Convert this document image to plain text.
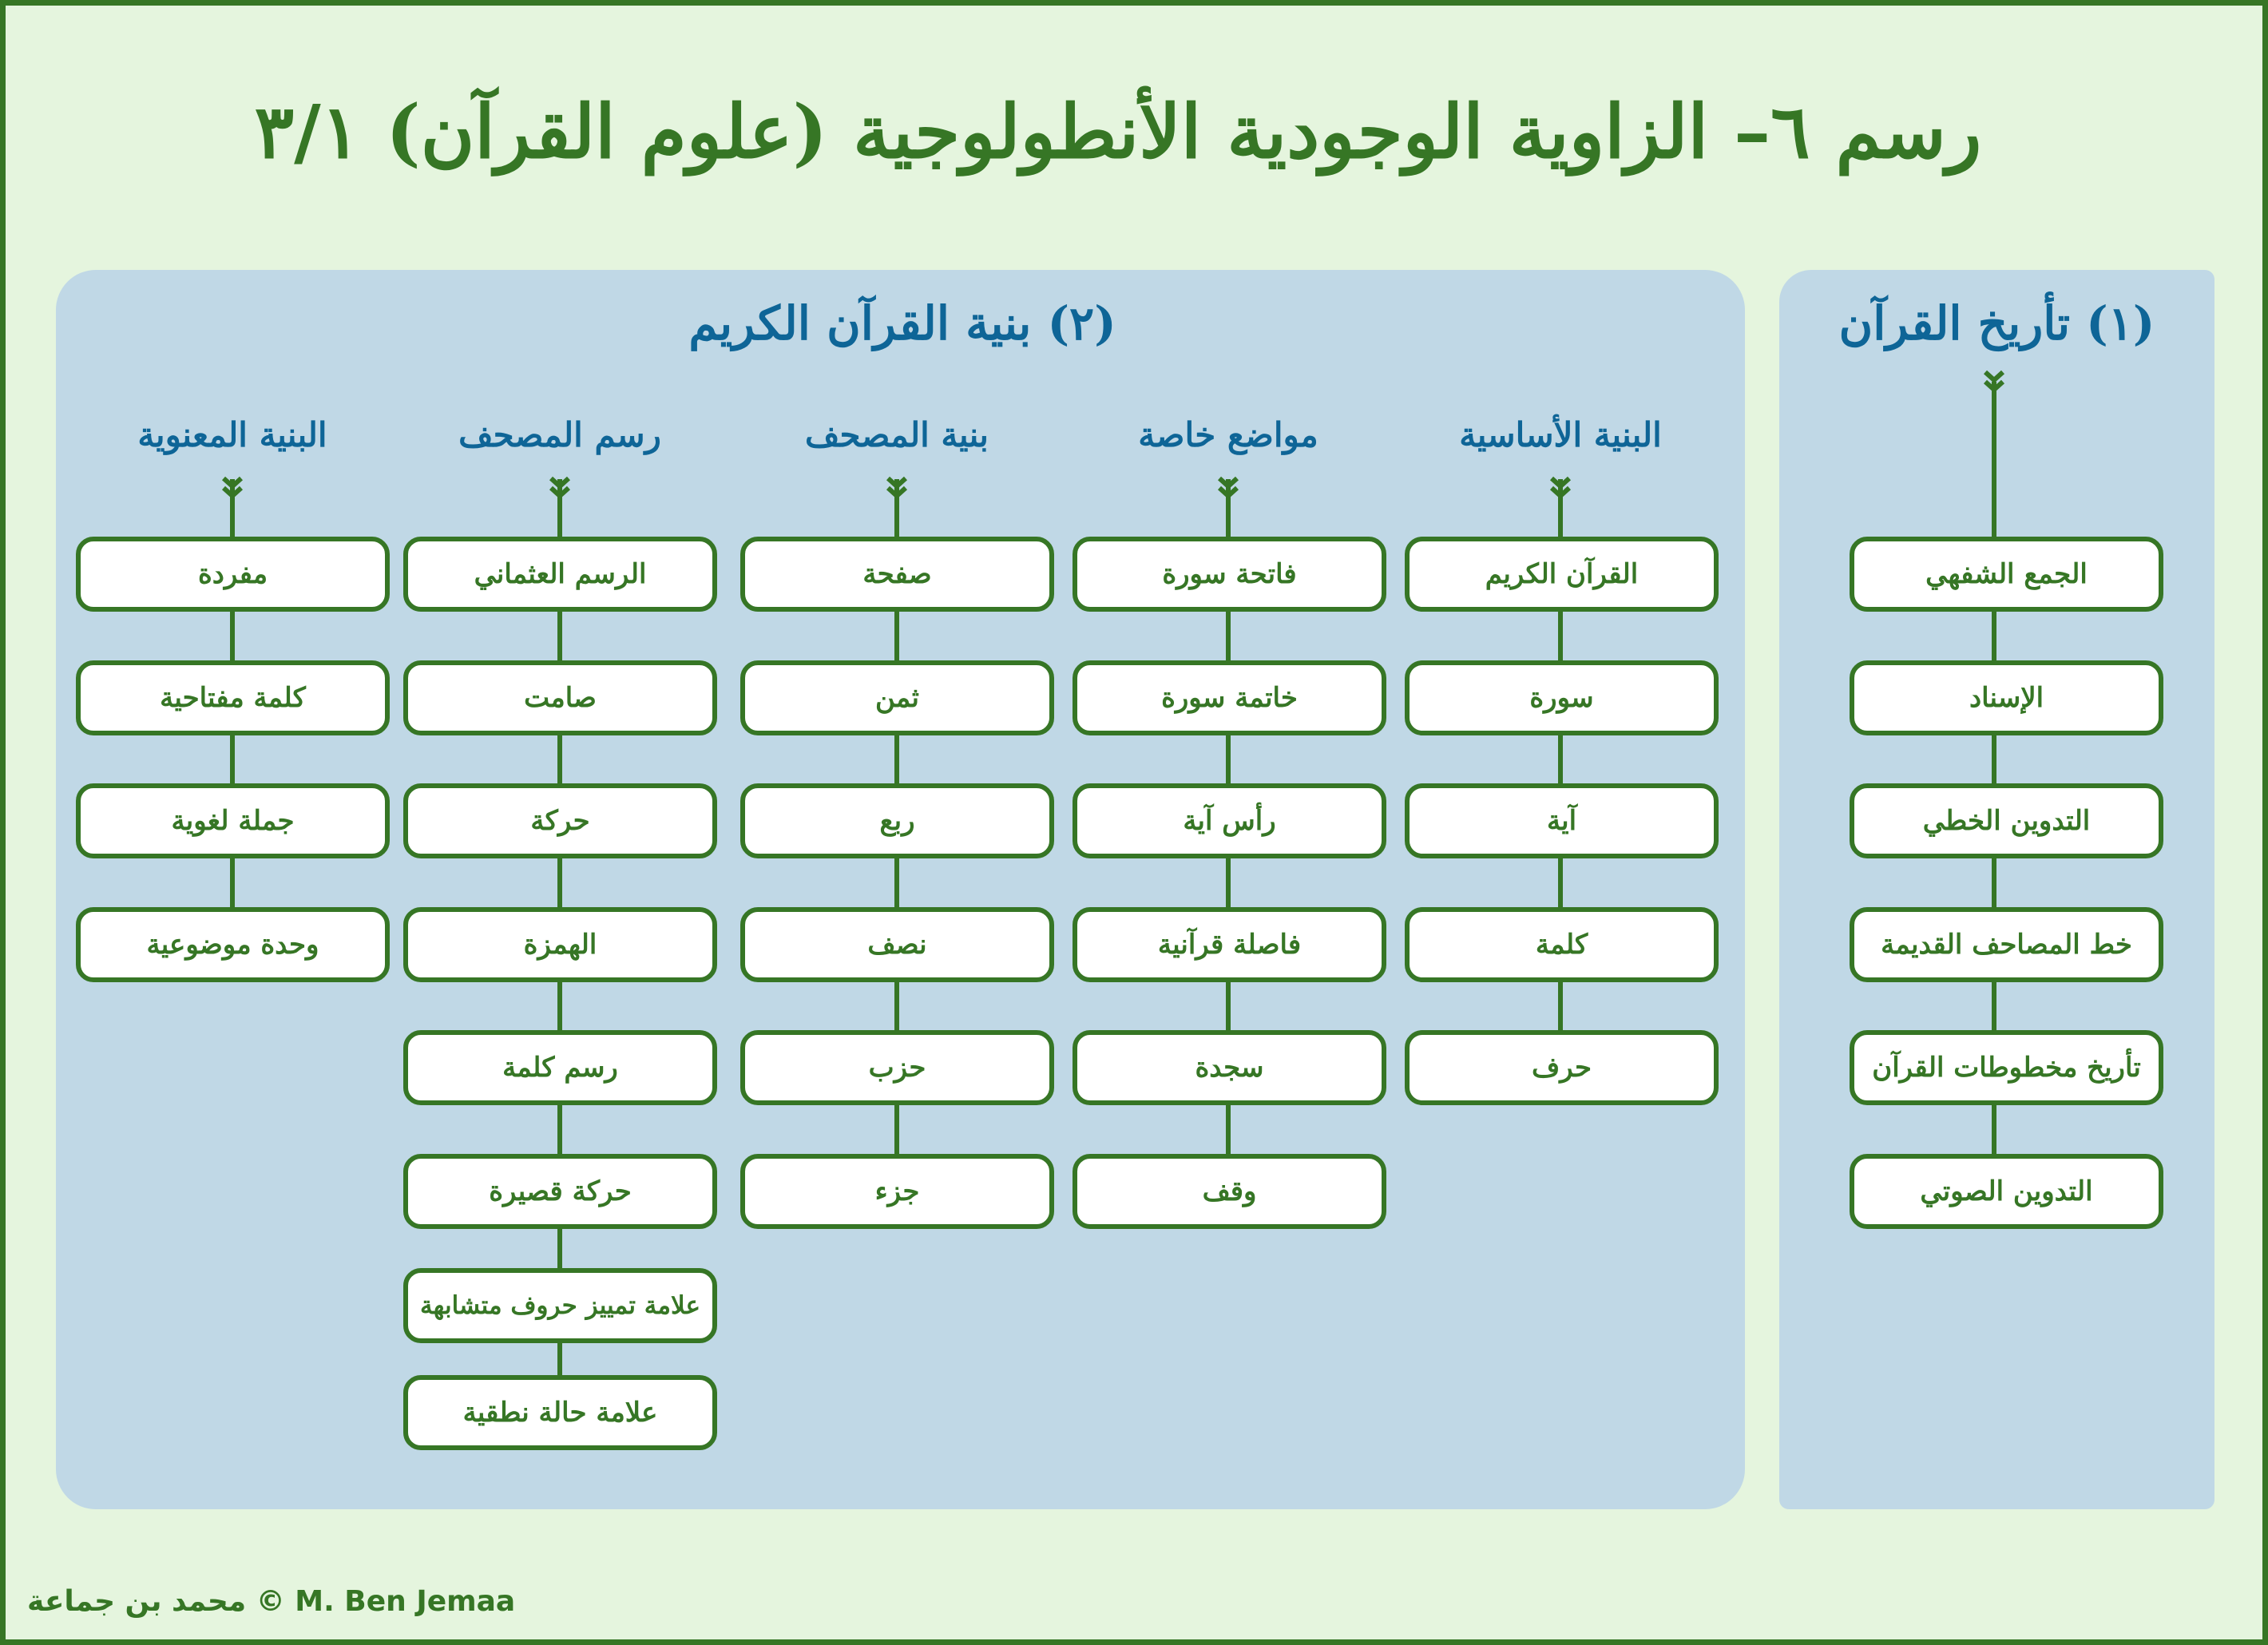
رسم ٦– الزاوية الوجودية الأنطولوجية (علوم القرآن) ٣/١
(٢) بنية القرآن الكريم	(١) تأريخ القرآن
البنية الأساسية
مواضع خاصة
بنية المصحف
رسم المصحف
البنية المعنوية
الجمع الشفهي
الإسناد
التدوين الخطي
خط المصاحف القديمة
تأريخ مخطوطات القرآن
التدوين الصوتي
القرآن الكريم
سورة
آية
كلمة
حرف
فاتحة سورة
خاتمة سورة
رأس آية
فاصلة قرآنية
سجدة
وقف
صفحة
ثمن
ربع
نصف
حزب
جزء
الرسم العثماني
صامت
حركة
الهمزة
رسم كلمة
حركة قصيرة
علامة تمييز حروف متشابهة
علامة حالة نطقية
مفردة
كلمة مفتاحية
جملة لغوية
وحدة موضوعية
محمد بن جماعة © M. Ben Jemaa
